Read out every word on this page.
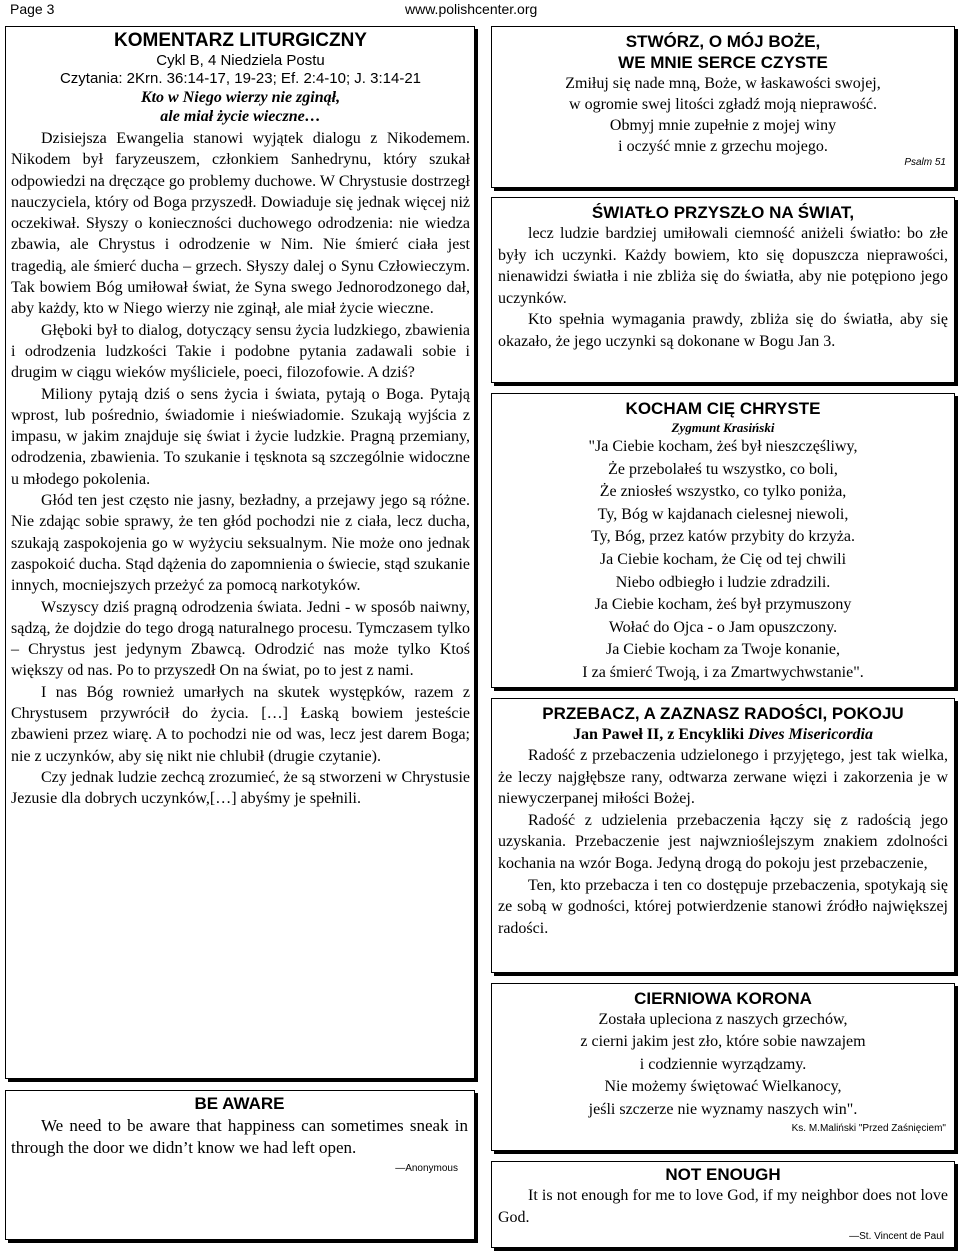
Page 3	www.polishcenter.org
KOMENTARZ LITURGICZNY
Cykl B, 4 Niedziela Postu
Czytania: 2Krn. 36:14-17, 19-23; Ef. 2:4-10; J. 3:14-21
Kto w Niego wierzy nie zginął,
ale miał życie wieczne…

Dzisiejsza Ewangelia stanowi wyjątek dialogu z Nikodemem. Nikodem był faryzeuszem, członkiem Sanhedrynu, który szukał odpowiedzi na dręczące go problemy duchowe. W Chrystusie dostrzegł nauczyciela, który od Boga przyszedł. Dowiaduje się jednak więcej niż oczekiwał. Słyszy o konieczności duchowego odrodzenia: nie wiedza zbawia, ale Chrystus i odrodzenie w Nim. Nie śmierć ciała jest tragedią, ale śmierć ducha – grzech. Słyszy dalej o Synu Człowieczym. Tak bowiem Bóg umiłował świat, że Syna swego Jednorodzonego dał, aby każdy, kto w Niego wierzy nie zginął, ale miał życie wieczne.

Głęboki był to dialog, dotyczący sensu życia ludzkiego, zbawienia i odrodzenia ludzkości Takie i podobne pytania zadawali sobie i drugim w ciągu wieków myśliciele, poeci, filozofowie. A dziś?

Miliony pytają dziś o sens życia i świata, pytają o Boga. Pytają wprost, lub pośrednio, świadomie i nieświadomie. Szukają wyjścia z impasu, w jakim znajduje się świat i życie ludzkie. Pragną przemiany, odrodzenia, zbawienia. To szukanie i tęsknota są szczególnie widoczne u młodego pokolenia.

Głód ten jest często nie jasny, bezładny, a przejawy jego są różne. Nie zdając sobie sprawy, że ten głód pochodzi nie z ciała, lecz ducha, szukają zaspokojenia go w wyżyciu seksualnym. Nie może ono jednak zaspokoić ducha. Stąd dążenia do zapomnienia o świecie, stąd szukanie innych, mocniejszych przeżyć za pomocą narkotyków.

Wszyscy dziś pragną odrodzenia świata. Jedni - w sposób naiwny, sądzą, że dojdzie do tego drogą naturalnego procesu. Tymczasem tylko – Chrystus jest jedynym Zbawcą. Odrodzić nas może tylko Ktoś większy od nas. Po to przyszedł On na świat, po to jest z nami.

I nas Bóg rownież umarłych na skutek występków, razem z Chrystusem przywrócił do życia. […] Łaską bowiem jesteście zbawieni przez wiarę. A to pochodzi nie od was, lecz jest darem Boga; nie z uczynków, aby się nikt nie chlubił (drugie czytanie).

Czy jednak ludzie zechcą zrozumieć, że są stworzeni w Chrystusie Jezusie dla dobrych uczynków,[…] abyśmy je spełnili.

BE AWARE

We need to be aware that happiness can sometimes sneak in through the door we didn’t know we had left open.

—Anonymous
STWÓRZ, O MÓJ BOŻE,
WE MNIE SERCE CZYSTE
Zmiłuj się nade mną, Boże, w łaskawości swojej,
w ogromie swej litości zgładź moją nieprawość.
Obmyj mnie zupełnie z mojej winy
i oczyść mnie z grzechu mojego.
Psalm 51
ŚWIATŁO PRZYSZŁO NA ŚWIAT,

lecz ludzie bardziej umiłowali ciemność aniżeli światło: bo złe były ich uczynki. Każdy bowiem, kto się dopuszcza nieprawości, nienawidzi światła i nie zbliża się do światła, aby nie potępiono jego uczynków.

Kto spełnia wymagania prawdy, zbliża się do światła, aby się okazało, że jego uczynki są dokonane w Bogu Jan 3.

KOCHAM CIĘ CHRYSTE
Zygmunt Krasiński
"Ja Ciebie kocham, żeś był nieszczęśliwy,
Że przebolałeś tu wszystko, co boli,
Że zniosłeś wszystko, co tylko poniża,
Ty, Bóg w kajdanach cielesnej niewoli,
Ty, Bóg, przez katów przybity do krzyża.
Ja Ciebie kocham, że Cię od tej chwili
Niebo odbiegło i ludzie zdradzili.
Ja Ciebie kocham, żeś był przymuszony
Wołać do Ojca - o Jam opuszczony.
Ja Ciebie kocham za Twoje konanie,
I za śmierć Twoją, i za Zmartwychwstanie".
PRZEBACZ, A ZAZNASZ RADOŚCI, POKOJU
Jan Paweł II, z Encykliki Dives Misericordia

Radość z przebaczenia udzielonego i przyjętego, jest tak wielka, że leczy najgłębsze rany, odtwarza zerwane więzi i zakorzenia je w niewyczerpanej miłości Bożej.

Radość z udzielenia przebaczenia łączy się z radością jego uzyskania. Przebaczenie jest najwznioślejszym znakiem zdolności kochania na wzór Boga. Jedyną drogą do pokoju jest przebaczenie,

Ten, kto przebacza i ten co dostępuje przebaczenia, spotykają się ze sobą w godności, której potwierdzenie stanowi źródło największej radości.

CIERNIOWA KORONA
Została upleciona z naszych grzechów,
z cierni jakim jest zło, które sobie nawzajem
i codziennie wyrządzamy.
Nie możemy świętować Wielkanocy,
jeśli szczerze nie wyznamy naszych win".
Ks. M.Maliński "Przed Zaśnięciem"
NOT ENOUGH

It is not enough for me to love God, if my neighbor does not love God.

—St. Vincent de Paul
